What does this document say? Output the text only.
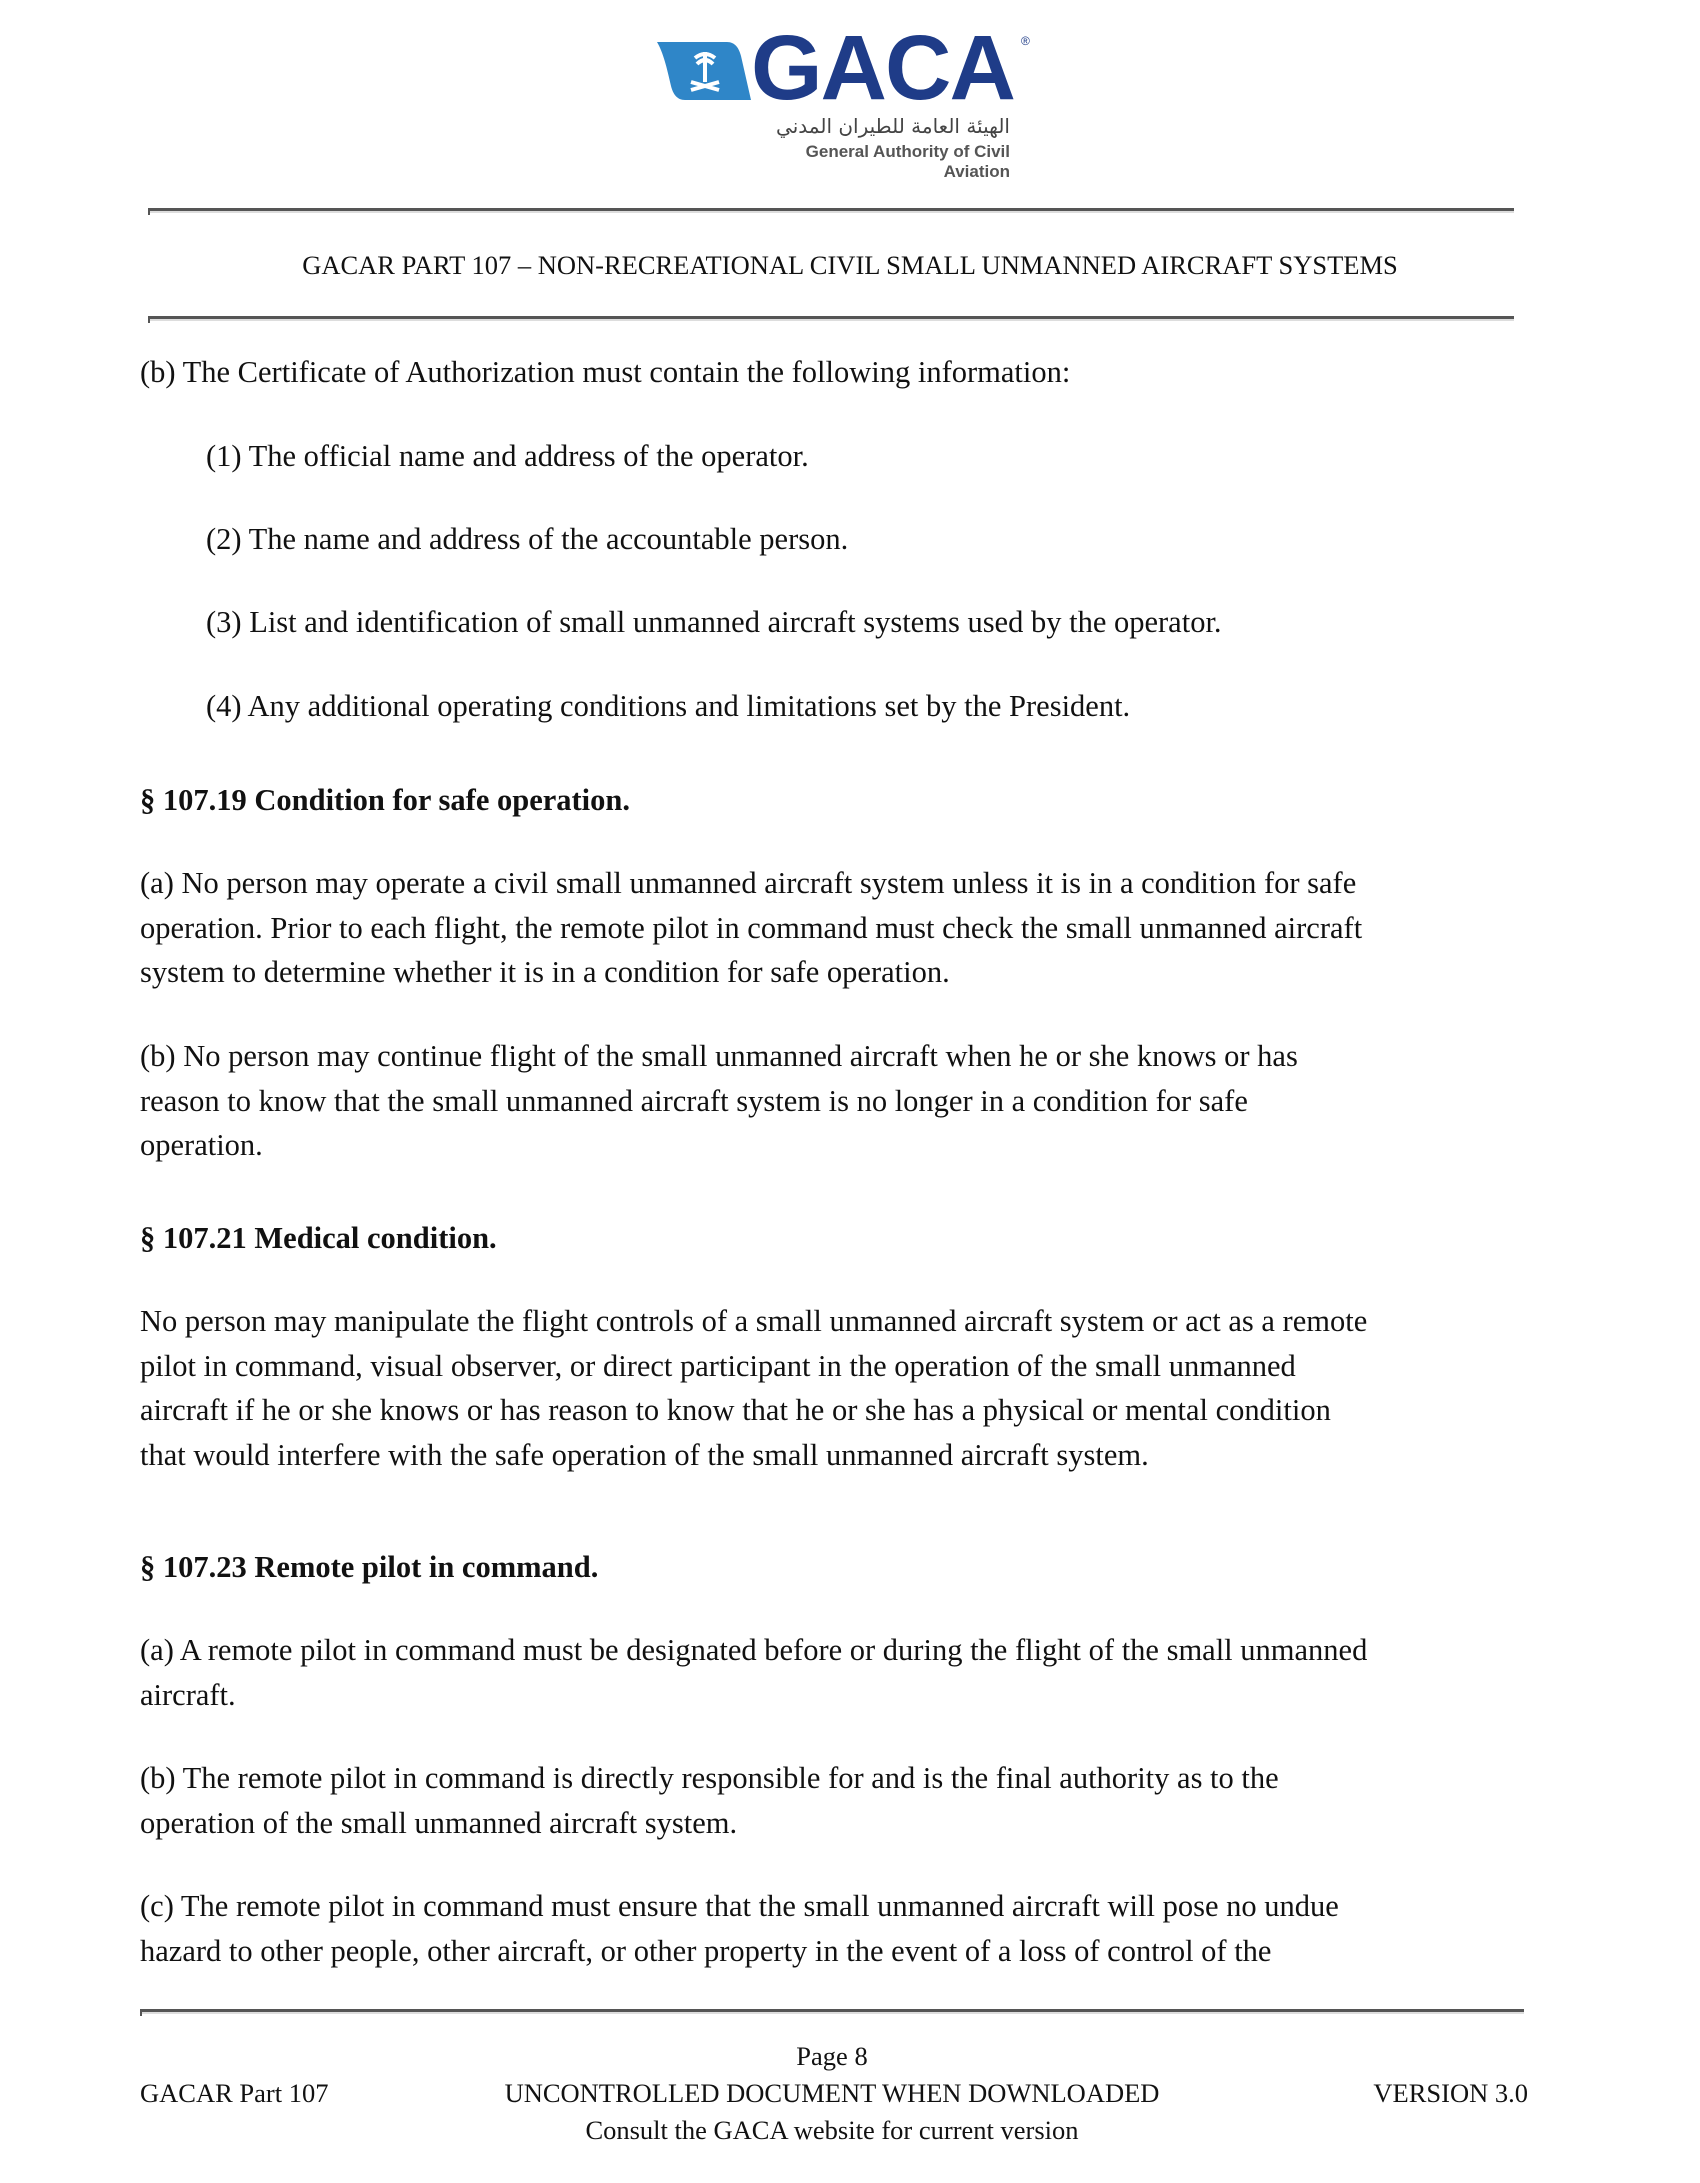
GACA ®
الهيئة العامة للطيران المدني
General Authority of Civil Aviation
GACAR PART 107 – NON-RECREATIONAL CIVIL SMALL UNMANNED AIRCRAFT SYSTEMS
(b) The Certificate of Authorization must contain the following information:
(1) The official name and address of the operator.
(2) The name and address of the accountable person.
(3) List and identification of small unmanned aircraft systems used by the operator.
(4) Any additional operating conditions and limitations set by the President.
§ 107.19 Condition for safe operation.
(a) No person may operate a civil small unmanned aircraft system unless it is in a condition for safe
operation. Prior to each flight, the remote pilot in command must check the small unmanned aircraft
system to determine whether it is in a condition for safe operation.
(b) No person may continue flight of the small unmanned aircraft when he or she knows or has
reason to know that the small unmanned aircraft system is no longer in a condition for safe
operation.
§ 107.21 Medical condition.
No person may manipulate the flight controls of a small unmanned aircraft system or act as a remote
pilot in command, visual observer, or direct participant in the operation of the small unmanned
aircraft if he or she knows or has reason to know that he or she has a physical or mental condition
that would interfere with the safe operation of the small unmanned aircraft system.
§ 107.23 Remote pilot in command.
(a) A remote pilot in command must be designated before or during the flight of the small unmanned
aircraft.
(b) The remote pilot in command is directly responsible for and is the final authority as to the
operation of the small unmanned aircraft system.
(c) The remote pilot in command must ensure that the small unmanned aircraft will pose no undue
hazard to other people, other aircraft, or other property in the event of a loss of control of the
Page 8
GACAR Part 107	UNCONTROLLED DOCUMENT WHEN DOWNLOADED	VERSION 3.0
Consult the GACA website for current version
